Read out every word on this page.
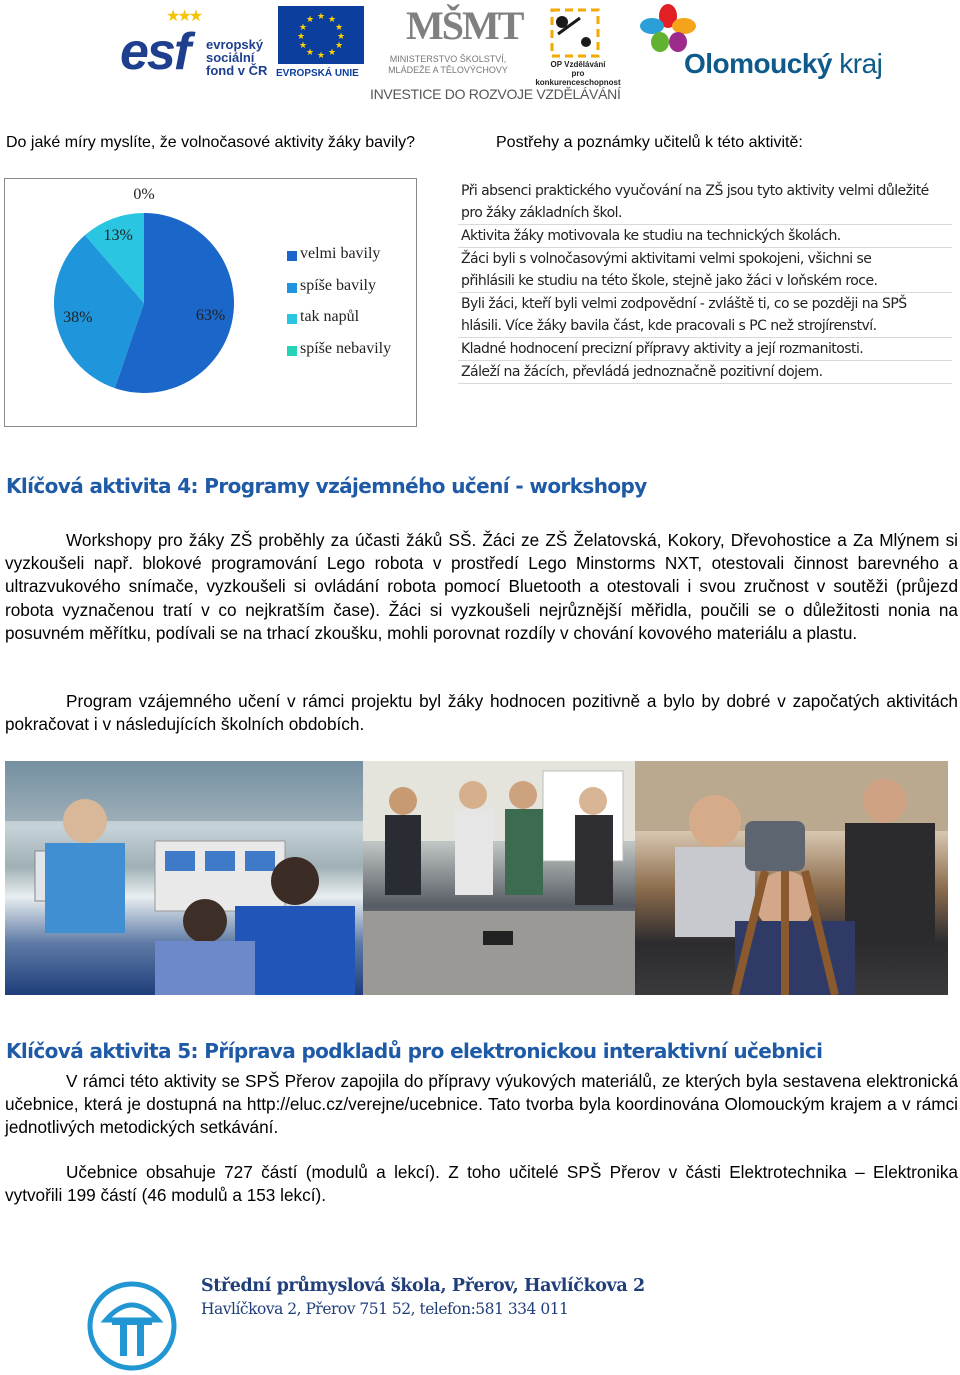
★★★
esf evropský
sociální
fond v ČR
★ ★
★
★
★
★
★
★
★
★
★
★
EVROPSKÁ UNIE
MŠMT
MINISTERSTVO ŠKOLSTVÍ,
MLÁDEŽE A TĚLOVÝCHOVY
OP Vzdělávání
pro konkurenceschopnost
Olomoucký kraj
INVESTICE DO ROZVOJE VZDĚLÁVÁNÍ
Do jaké míry myslíte, že volnočasové aktivity žáky bavily?	Postřehy a poznámky učitelů k této aktivitě:
63%
38%
13%
0%
velmi bavily
spíše bavily
tak napůl
spíše nebavily
Při absenci praktického vyučování na ZŠ jsou tyto aktivity velmi důležité
pro žáky základních škol.
Aktivita žáky motivovala ke studiu na technických školách.
Žáci byli s volnočasovými aktivitami velmi spokojeni, všichni se
přihlásili ke studiu na této škole, stejně jako žáci v loňském roce.
Byli žáci, kteří byli velmi zodpovědní - zvláště ti, co se později na SPŠ
hlásili. Více žáky bavila část, kde pracovali s PC než strojírenství.
Kladné hodnocení precizní přípravy aktivity a její rozmanitosti.
Záleží na žácích, převládá jednoznačně pozitivní dojem.
Klíčová aktivita 4: Programy vzájemného učení - workshopy

Workshopy pro žáky ZŠ proběhly za účasti žáků SŠ. Žáci ze ZŠ Želatovská, Kokory, Dřevohostice a Za Mlýnem si vyzkoušeli např. blokové programování Lego robota v prostředí Lego Minstorms NXT, otestovali činnost barevného a ultrazvukového snímače, vyzkoušeli si ovládání robota pomocí Bluetooth a otestovali i svou zručnost v soutěži (průjezd robota vyznačenou tratí v co nejkratším čase). Žáci si vyzkoušeli nejrůznější měřidla, poučili se o důležitosti nonia na posuvném měřítku, podívali se na trhací zkoušku, mohli porovnat rozdíly v chování kovového materiálu a plastu.

Program vzájemného učení v rámci projektu byl žáky hodnocen pozitivně a bylo by dobré v započatých aktivitách pokračovat i v následujících školních obdobích.

Klíčová aktivita 5: Příprava podkladů pro elektronickou interaktivní učebnici

V rámci této aktivity se SPŠ Přerov zapojila do přípravy výukových materiálů, ze kterých byla sestavena elektronická učebnice, která je dostupná na http://eluc.cz/verejne/ucebnice. Tato tvorba byla koordinována Olomouckým krajem a v rámci jednotlivých metodických setkávání.

Učebnice obsahuje 727 částí (modulů a lekcí). Z toho učitelé SPŠ Přerov v části Elektrotechnika – Elektronika vytvořili 199 částí (46 modulů a 153 lekcí).

Střední průmyslová škola, Přerov, Havlíčkova 2
Havlíčkova 2, Přerov 751 52, telefon:581 334 011
